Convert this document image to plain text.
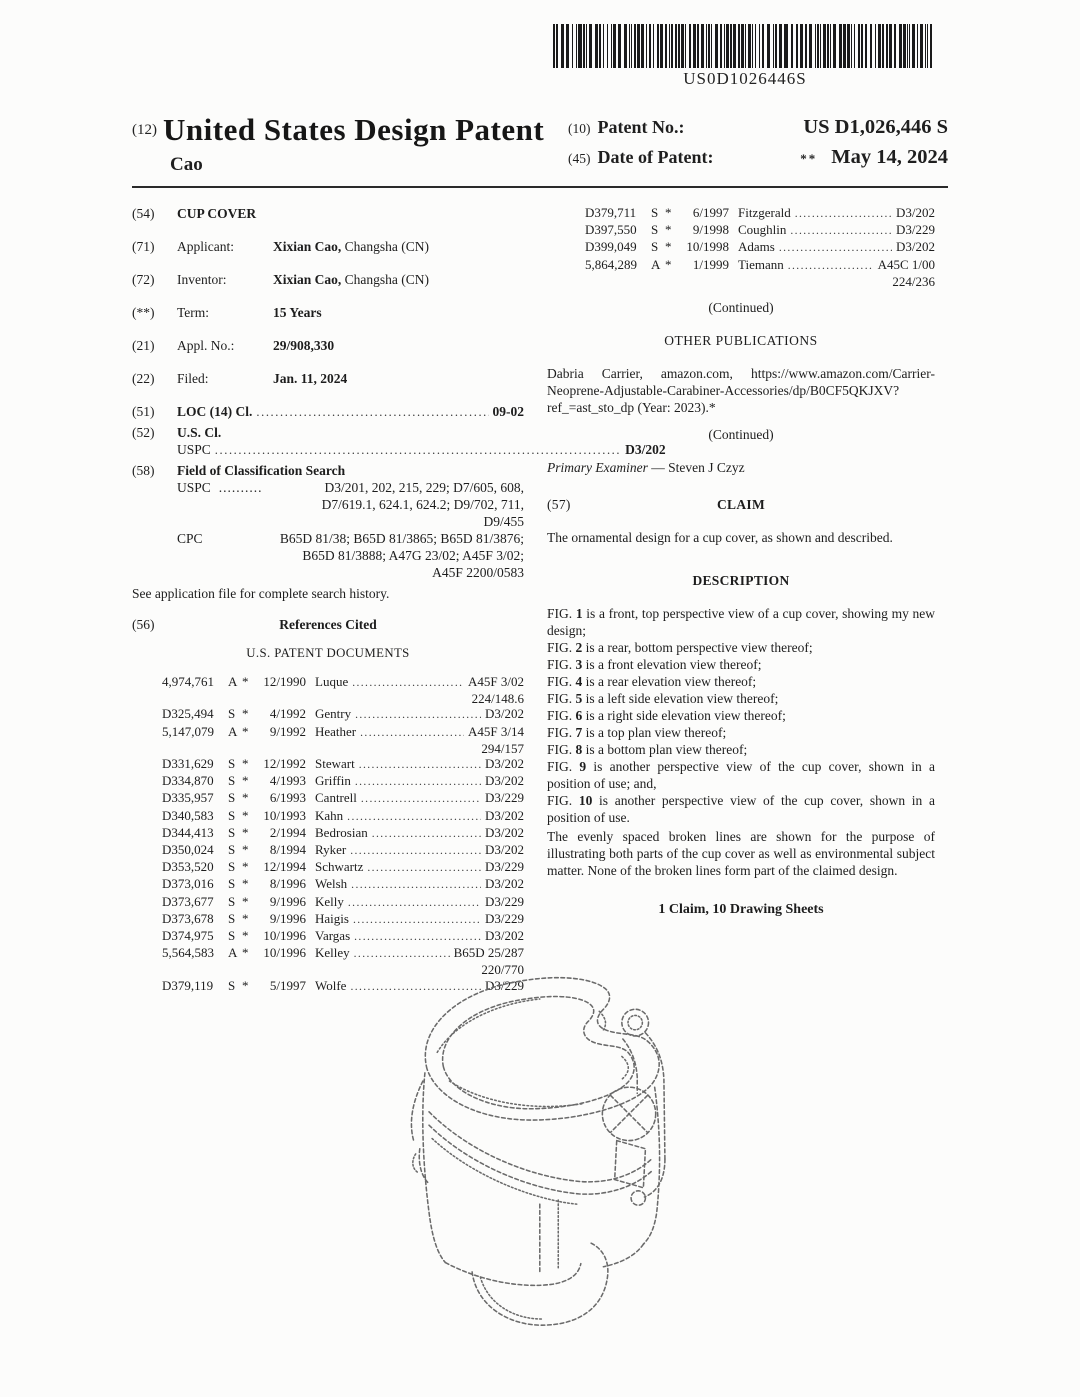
US0D1026446S
(12) United States Design Patent
Cao
(10) Patent No.:	US D1,026,446 S
(45) Date of Patent:	** May 14, 2024
(54)	CUP COVER
(71)	Applicant:	Xixian Cao, Changsha (CN)
(72)	Inventor:	Xixian Cao, Changsha (CN)
(**)	Term:	15 Years
(21)	Appl. No.:	29/908,330
(22)	Filed:	Jan. 11, 2024
(51)	LOC (14) Cl. .....	09-02
(52)	U.S. Cl.
USPC .....	D3/202
(58)	Field of Classification Search
USPC ..........	D3/201, 202, 215, 229; D7/605, 608,
D7/619.1, 624.1, 624.2; D9/702, 711,
D9/455
CPC	B65D 81/38; B65D 81/3865; B65D 81/3876;
B65D 81/3888; A47G 23/02; A45F 3/02;
A45F 2200/0583
See application file for complete search history.
(56)	References Cited
U.S. PATENT DOCUMENTS
4,974,761	A *	12/1990 Luque .....	A45F 3/02
224/148.6
D325,494	S *	4/1992 Gentry .....	D3/202
5,147,079	A *	9/1992 Heather .....	A45F 3/14
294/157
D331,629	S *	12/1992 Stewart .....	D3/202
D334,870	S *	4/1993 Griffin .....	D3/202
D335,957	S *	6/1993 Cantrell .....	D3/229
D340,583	S *	10/1993 Kahn .....	D3/202
D344,413	S *	2/1994 Bedrosian .....	D3/202
D350,024	S *	8/1994 Ryker .....	D3/202
D353,520	S *	12/1994 Schwartz .....	D3/229
D373,016	S *	8/1996 Welsh .....	D3/202
D373,677	S *	9/1996 Kelly .....	D3/229
D373,678	S *	9/1996 Haigis .....	D3/229
D374,975	S *	10/1996 Vargas .....	D3/202
5,564,583	A *	10/1996 Kelley .....	B65D 25/287
220/770
D379,119	S *	5/1997 Wolfe .....	D3/229
D379,711	S *	6/1997 Fitzgerald .....	D3/202
D397,550	S *	9/1998 Coughlin .....	D3/229
D399,049	S *	10/1998 Adams .....	D3/202
5,864,289	A *	1/1999 Tiemann .....	A45C 1/00
224/236
(Continued)
OTHER PUBLICATIONS
Dabria Carrier, amazon.com, https://www.amazon.com/Carrier-
Neoprene-Adjustable-Carabiner-Accessories/dp/B0CF5QKJXV?
ref_=ast_sto_dp (Year: 2023).*
(Continued)
Primary Examiner — Steven J Czyz
(57)	CLAIM
The ornamental design for a cup cover, as shown and described.
DESCRIPTION
FIG. 1 is a front, top perspective view of a cup cover, showing my new design;
FIG. 2 is a rear, bottom perspective view thereof;
FIG. 3 is a front elevation view thereof;
FIG. 4 is a rear elevation view thereof;
FIG. 5 is a left side elevation view thereof;
FIG. 6 is a right side elevation view thereof;
FIG. 7 is a top plan view thereof;
FIG. 8 is a bottom plan view thereof;
FIG. 9 is another perspective view of the cup cover, shown in a position of use; and,
FIG. 10 is another perspective view of the cup cover, shown in a position of use.
The evenly spaced broken lines are shown for the purpose of illustrating both parts of the cup cover as well as environmental subject matter. None of the broken lines form part of the claimed design.
1 Claim, 10 Drawing Sheets
